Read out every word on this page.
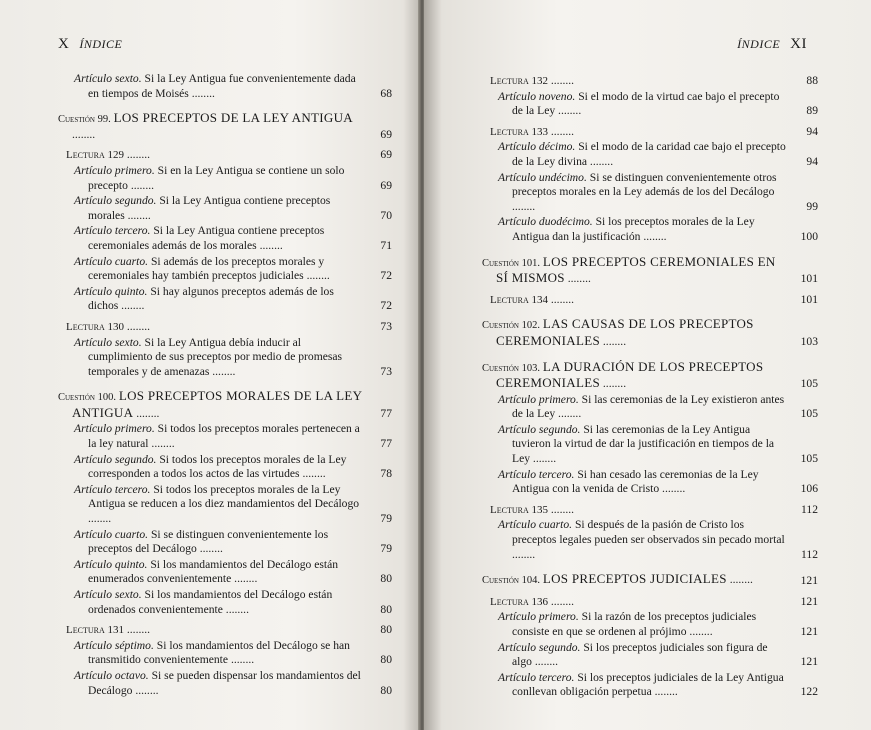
X ÍNDICE
Artículo sexto. Si la Ley Antigua fue convenientemente dada en tiempos de Moisés ........	68
Cuestión 99. LOS PRECEPTOS DE LA LEY ANTIGUA ........	69
Lectura 129 ........	69
Artículo primero. Si en la Ley Antigua se contiene un solo precepto ........	69
Artículo segundo. Si la Ley Antigua contiene preceptos morales ........	70
Artículo tercero. Si la Ley Antigua contiene preceptos ceremoniales además de los morales ........	71
Artículo cuarto. Si además de los preceptos morales y ceremoniales hay también preceptos judiciales ........	72
Artículo quinto. Si hay algunos preceptos además de los dichos ........	72
Lectura 130 ........	73
Artículo sexto. Si la Ley Antigua debía inducir al cumplimiento de sus preceptos por medio de promesas temporales y de amenazas ........	73
Cuestión 100. LOS PRECEPTOS MORALES DE LA LEY ANTIGUA ........	77
Artículo primero. Si todos los preceptos morales pertenecen a la ley natural ........	77
Artículo segundo. Si todos los preceptos morales de la Ley corresponden a todos los actos de las virtudes ........	78
Artículo tercero. Si todos los preceptos morales de la Ley Antigua se reducen a los diez mandamientos del Decálogo ........	79
Artículo cuarto. Si se distinguen convenientemente los preceptos del Decálogo ........	79
Artículo quinto. Si los mandamientos del Decálogo están enumerados convenientemente ........	80
Artículo sexto. Si los mandamientos del Decálogo están ordenados convenientemente ........	80
Lectura 131 ........	80
Artículo séptimo. Si los mandamientos del Decálogo se han transmitido convenientemente ........	80
Artículo octavo. Si se pueden dispensar los mandamientos del Decálogo ........	80
ÍNDICE XI
Lectura 132 ........	88
Artículo noveno. Si el modo de la virtud cae bajo el precepto de la Ley ........	89
Lectura 133 ........	94
Artículo décimo. Si el modo de la caridad cae bajo el precepto de la Ley divina ........	94
Artículo undécimo. Si se distinguen convenientemente otros preceptos morales en la Ley además de los del Decálogo ........	99
Artículo duodécimo. Si los preceptos morales de la Ley Antigua dan la justificación ........	100
Cuestión 101. LOS PRECEPTOS CEREMONIALES EN SÍ MISMOS ........	101
Lectura 134 ........	101
Cuestión 102. LAS CAUSAS DE LOS PRECEPTOS CEREMONIALES ........	103
Cuestión 103. LA DURACIÓN DE LOS PRECEPTOS CEREMONIALES ........	105
Artículo primero. Si las ceremonias de la Ley existieron antes de la Ley ........	105
Artículo segundo. Si las ceremonias de la Ley Antigua tuvieron la virtud de dar la justificación en tiempos de la Ley ........	105
Artículo tercero. Si han cesado las ceremonias de la Ley Antigua con la venida de Cristo ........	106
Lectura 135 ........	112
Artículo cuarto. Si después de la pasión de Cristo los preceptos legales pueden ser observados sin pecado mortal ........	112
Cuestión 104. LOS PRECEPTOS JUDICIALES ........	121
Lectura 136 ........	121
Artículo primero. Si la razón de los preceptos judiciales consiste en que se ordenen al prójimo ........	121
Artículo segundo. Si los preceptos judiciales son figura de algo ........	121
Artículo tercero. Si los preceptos judiciales de la Ley Antigua conllevan obligación perpetua ........	122
